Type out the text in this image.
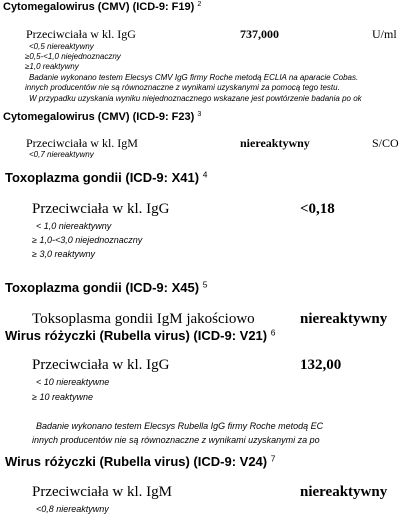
Cytomegalowirus (CMV) (ICD-9: F19) $^2$
Przeciwciała w kl. IgG	737,000	U/ml
<0,5 niereaktywny
≥0,5-<1,0 niejednoznaczny
≥1,0 reaktywny
Badanie wykonano testem Elecsys CMV IgG firmy Roche metodą ECLIA na aparacie Cobas.
innych producentów nie są równoznaczne z wynikami uzyskanymi za pomocą tego testu.
W przypadku uzyskania wyniku niejednoznacznego wskazane jest powtórzenie badania po ok
Cytomegalowirus (CMV) (ICD-9: F23) $^3$
Przeciwciała w kl. IgM	niereaktywny	S/CO
<0,7 niereaktywny
Toxoplazma gondii (ICD-9: X41) $^4$
Przeciwciała w kl. IgG	<0,18
< 1,0 niereaktywny
≥ 1,0-<3,0 niejednoznaczny
≥ 3,0 reaktywny
Toxoplazma gondii (ICD-9: X45) $^5$
Toksoplasma gondii IgM jakościowo	niereaktywny
Wirus różyczki (Rubella virus) (ICD-9: V21) $^6$
Przeciwciała w kl. IgG	132,00
< 10 niereaktywne
≥ 10 reaktywne
Badanie wykonano testem Elecsys Rubella IgG firmy Roche metodą EC
innych producentów nie są równoznaczne z wynikami uzyskanymi za po
Wirus różyczki (Rubella virus) (ICD-9: V24) $^7$
Przeciwciała w kl. IgM	niereaktywny
<0,8 niereaktywny
